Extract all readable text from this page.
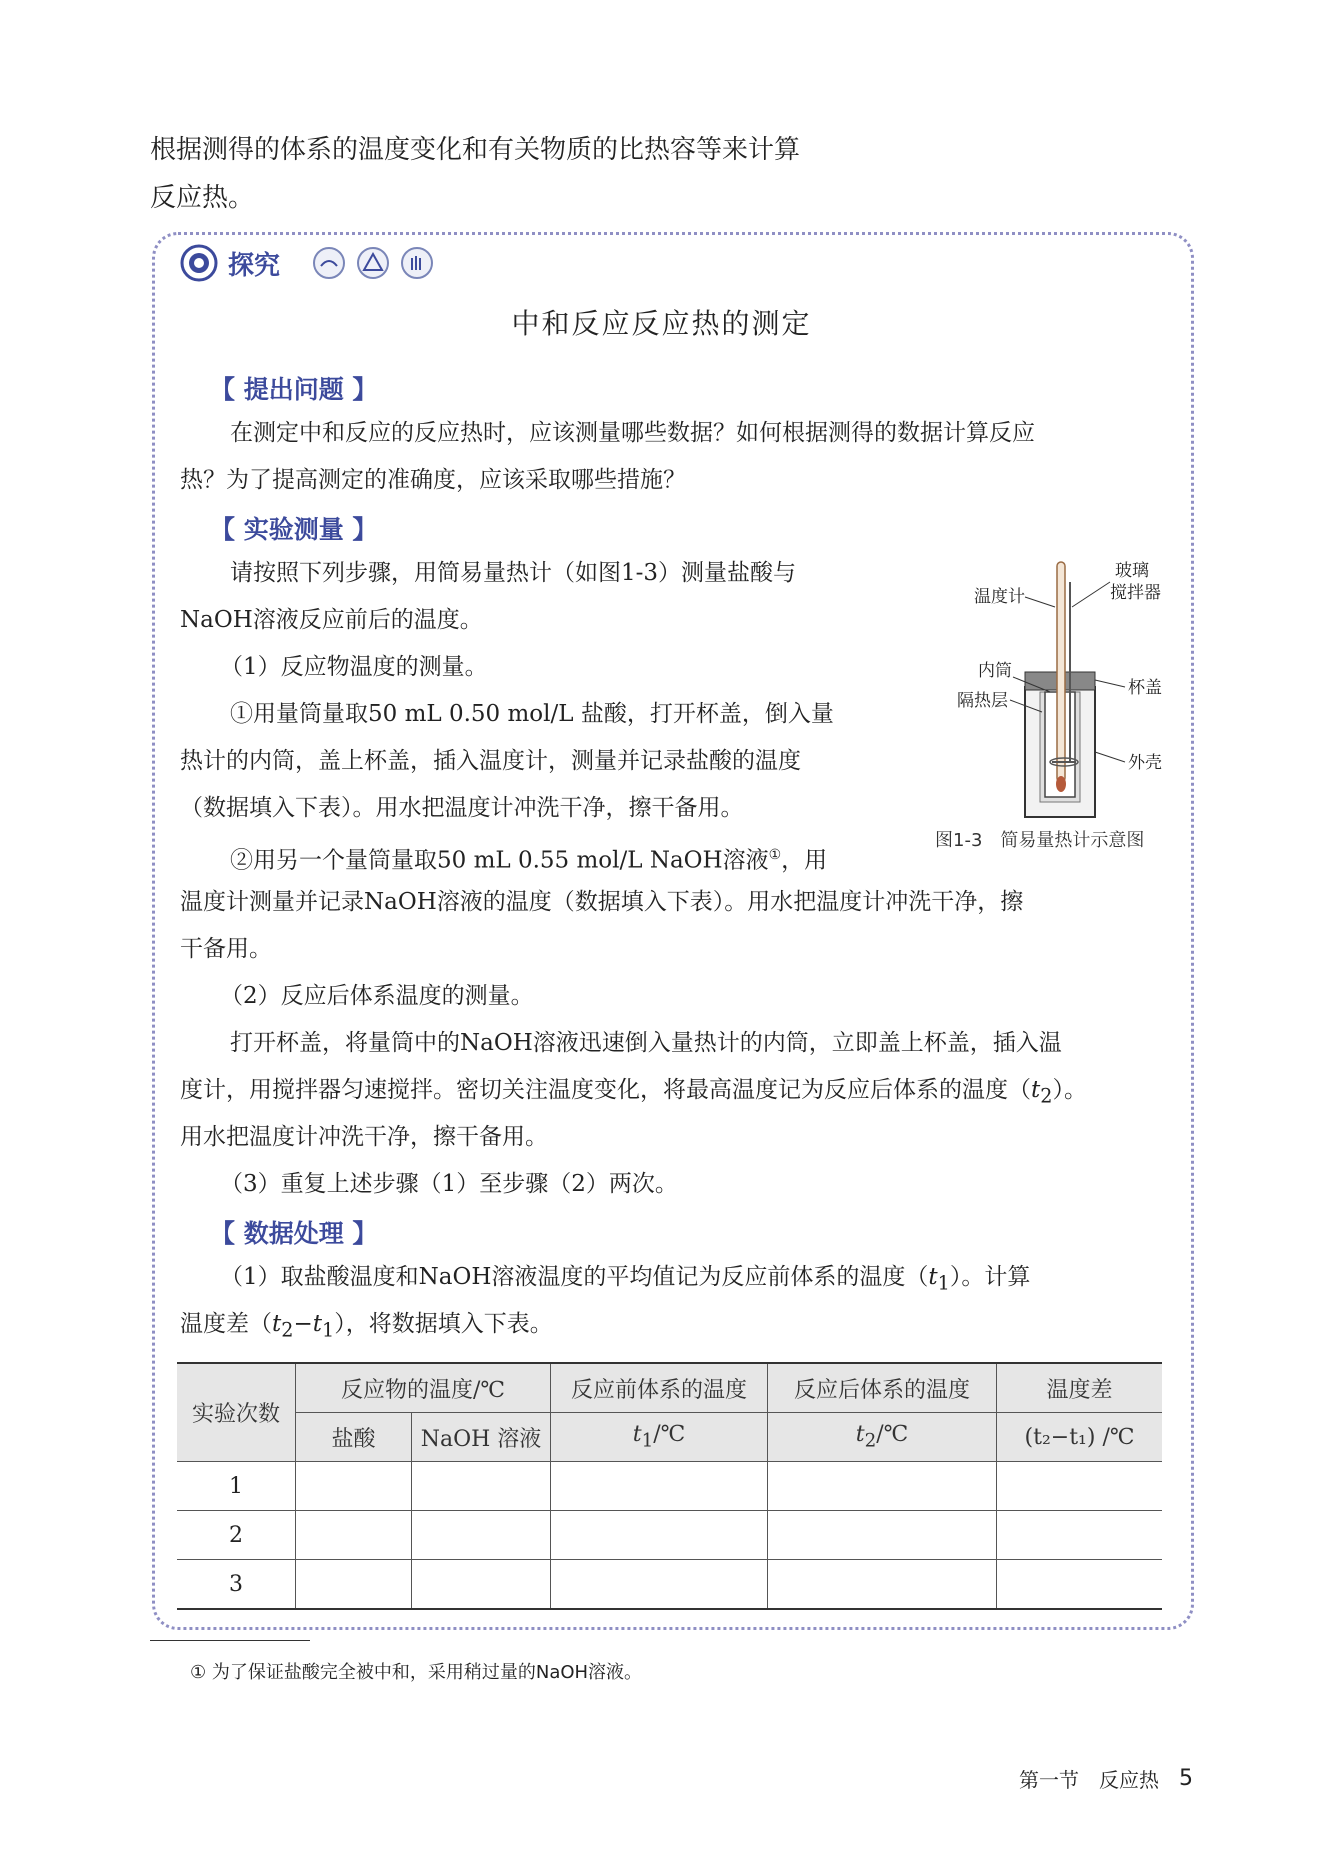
根据测得的体系的温度变化和有关物质的比热容等来计算
反应热。
探究
中和反应反应热的测定
【 提出问题 】
在测定中和反应的反应热时，应该测量哪些数据？如何根据测得的数据计算反应
热？为了提高测定的准确度，应该采取哪些措施？
【 实验测量 】
请按照下列步骤，用简易量热计（如图1-3）测量盐酸与
NaOH溶液反应前后的温度。
（1）反应物温度的测量。
①用量筒量取50 mL 0.50 mol/L 盐酸，打开杯盖，倒入量
热计的内筒，盖上杯盖，插入温度计，测量并记录盐酸的温度
（数据填入下表）。用水把温度计冲洗干净，擦干备用。
②用另一个量筒量取50 mL 0.55 mol/L NaOH溶液①，用
温度计测量并记录NaOH溶液的温度（数据填入下表）。用水把温度计冲洗干净，擦
干备用。
（2）反应后体系温度的测量。
打开杯盖，将量筒中的NaOH溶液迅速倒入量热计的内筒，立即盖上杯盖，插入温
度计，用搅拌器匀速搅拌。密切关注温度变化，将最高温度记为反应后体系的温度$(t_2)$。
用水把温度计冲洗干净，擦干备用。
（3）重复上述步骤（1）至步骤（2）两次。
【 数据处理 】
（1）取盐酸温度和NaOH溶液温度的平均值记为反应前体系的温度$(t_1)$。计算
温度差$(t_2-t_1)$，将数据填入下表。
温度计
玻璃
搅拌器
内筒
隔热层
杯盖
外壳
图1-3　简易量热计示意图
实验次数	反应物的温度/℃		反应前体系的温度	反应后体系的温度	温度差
	盐酸	NaOH 溶液	$t_1/℃$	$t_2/℃$	(t₂−t₁) /℃
1					
2					
3					
① 为了保证盐酸完全被中和，采用稍过量的NaOH溶液。
第一节　反应热 5
